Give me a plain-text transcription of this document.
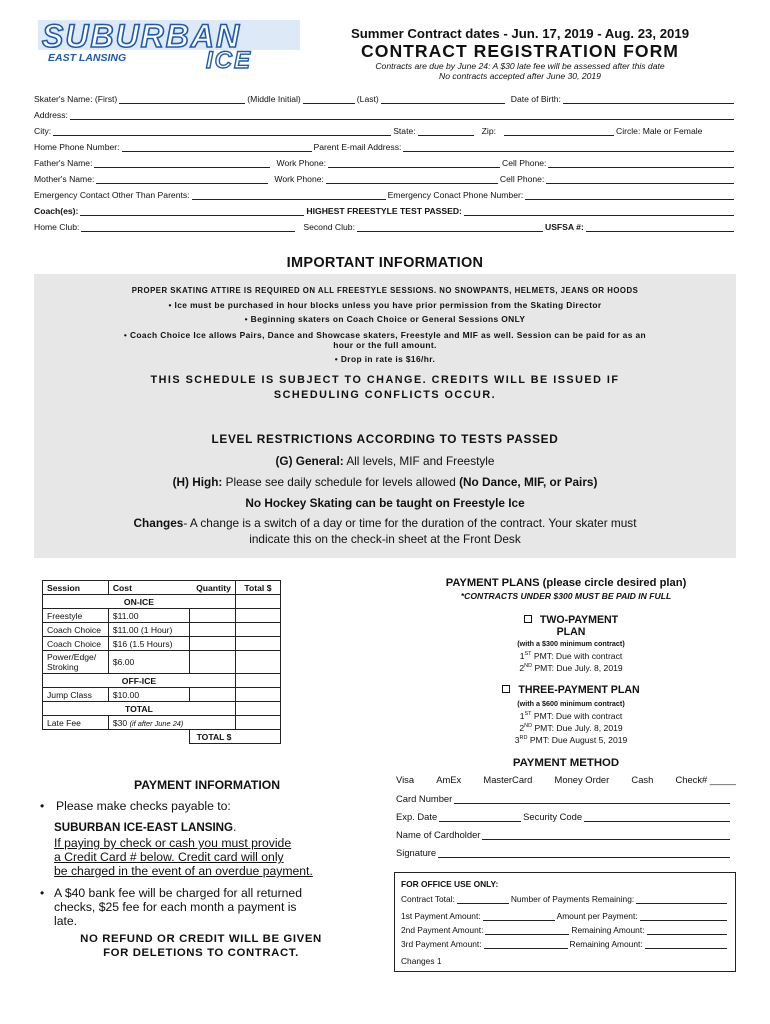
SUBURBAN
EAST LANSING	ICE
Summer Contract dates - Jun. 17, 2019 - Aug. 23, 2019
CONTRACT REGISTRATION FORM
Contracts are due by June 24: A $30 late fee will be assessed after this date
No contracts accepted after June 30, 2019
Skater's Name: (First)	(Middle Initial)	(Last)	Date of Birth:
Address:
City:	State:	Zip:	Circle: Male or Female
Home Phone Number:	Parent E-mail Address:
Father's Name:	Work Phone:	Cell Phone:
Mother's Name:	Work Phone:	Cell Phone:
Emergency Contact Other Than Parents:	Emergency Conact Phone Number:
Coach(es):	HIGHEST FREESTYLE TEST PASSED:
Home Club:	Second Club:	USFSA #:
IMPORTANT INFORMATION
PROPER SKATING ATTIRE IS REQUIRED ON ALL FREESTYLE SESSIONS. NO SNOWPANTS, HELMETS, JEANS OR HOODS
• Ice must be purchased in hour blocks unless you have prior permission from the Skating Director
• Beginning skaters on Coach Choice or General Sessions ONLY
• Coach Choice Ice allows Pairs, Dance and Showcase skaters, Freestyle and MIF as well. Session can be paid for as an
hour or the full amount.
• Drop in rate is $16/hr.
THIS SCHEDULE IS SUBJECT TO CHANGE. CREDITS WILL BE ISSUED IF
SCHEDULING CONFLICTS OCCUR.
LEVEL RESTRICTIONS ACCORDING TO TESTS PASSED
(G) General: All levels, MIF and Freestyle
(H) High: Please see daily schedule for levels allowed (No Dance, MIF, or Pairs)
No Hockey Skating can be taught on Freestyle Ice
Changes- A change is a switch of a day or time for the duration of the contract. Your skater must
indicate this on the check-in sheet at the Front Desk
Session	Cost	Quantity	Total $
ON-ICE			
Freestyle	$11.00		
Coach Choice	$11.00 (1 Hour)		
Coach Choice	$16 (1.5 Hours)		
Power/Edge/ Stroking	$6.00		
OFF-ICE			
Jump Class	$10.00		
TOTAL			
Late Fee	$30 (if after June 24)		
		TOTAL $	
PAYMENT PLANS (please circle desired plan)
*CONTRACTS UNDER $300 MUST BE PAID IN FULL
TWO-PAYMENT
PLAN
(with a $300 minimum contract)
1ST PMT: Due with contract
2ND PMT: Due July. 8, 2019
THREE-PAYMENT PLAN
(with a $600 minimum contract)
1ST PMT: Due with contract
2ND PMT: Due July. 8, 2019
3RD PMT: Due August 5, 2019
PAYMENT METHOD
Visa AmEx MasterCard Money Order Cash Check# _____
Card Number
Exp. Date	Security Code
Name of Cardholder
Signature
PAYMENT INFORMATION
• Please make checks payable to:
SUBURBAN ICE-EAST LANSING.
If paying by check or cash you must provide
a Credit Card # below. Credit card will only
be charged in the event of an overdue payment.
• A $40 bank fee will be charged for all returned
checks, $25 fee for each month a payment is
late.
NO REFUND OR CREDIT WILL BE GIVEN
FOR DELETIONS TO CONTRACT.
FOR OFFICE USE ONLY:
Contract Total:	Number of Payments Remaining:
1st Payment Amount:	Amount per Payment:
2nd Payment Amount:	Remaining Amount:
3rd Payment Amount:	Remaining Amount:
Changes 1
